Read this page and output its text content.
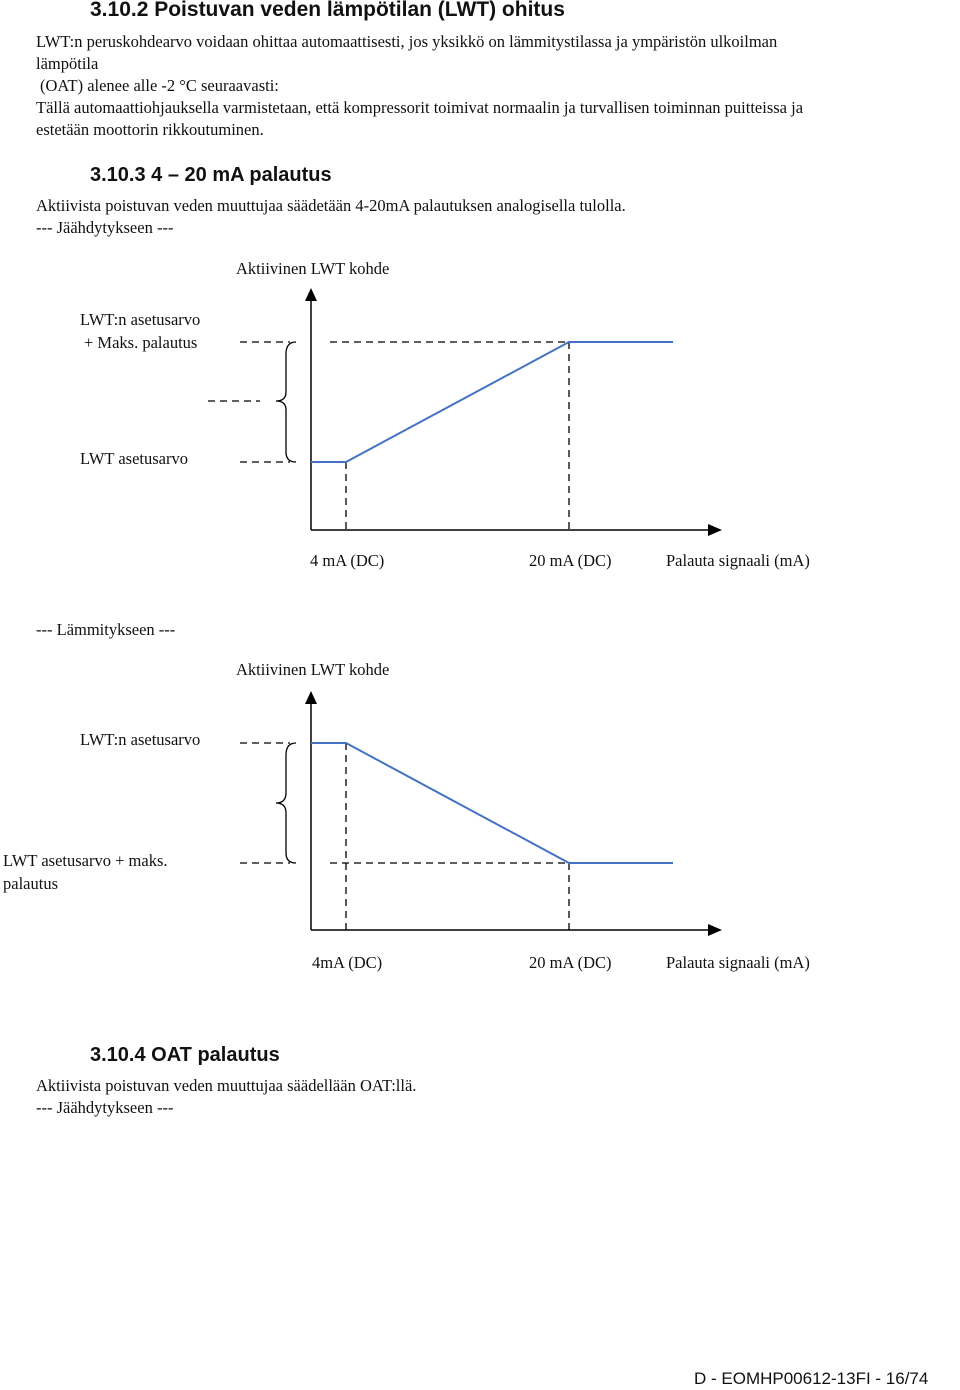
3.10.2 Poistuvan veden lämpötilan (LWT) ohitus
LWT:n peruskohdearvo voidaan ohittaa automaattisesti, jos yksikkö on lämmitystilassa ja ympäristön ulkoilman
lämpötila
(OAT) alenee alle -2 °C seuraavasti:
Tällä automaattiohjauksella varmistetaan, että kompressorit toimivat normaalin ja turvallisen toiminnan puitteissa ja
estetään moottorin rikkoutuminen.
3.10.3 4 – 20 mA palautus
Aktiivista poistuvan veden muuttujaa säädetään 4-20mA palautuksen analogisella tulolla.
--- Jäähdytykseen ---
Aktiivinen LWT kohde
LWT:n asetusarvo
+ Maks. palautus
LWT asetusarvo
4 mA (DC)	20 mA (DC)	Palauta signaali (mA)
--- Lämmitykseen ---
Aktiivinen LWT kohde
LWT:n asetusarvo
LWT asetusarvo + maks.
palautus
4mA (DC)	20 mA (DC)	Palauta signaali (mA)
3.10.4 OAT palautus
Aktiivista poistuvan veden muuttujaa säädellään OAT:llä.
--- Jäähdytykseen ---
D - EOMHP00612-13FI - 16/74
